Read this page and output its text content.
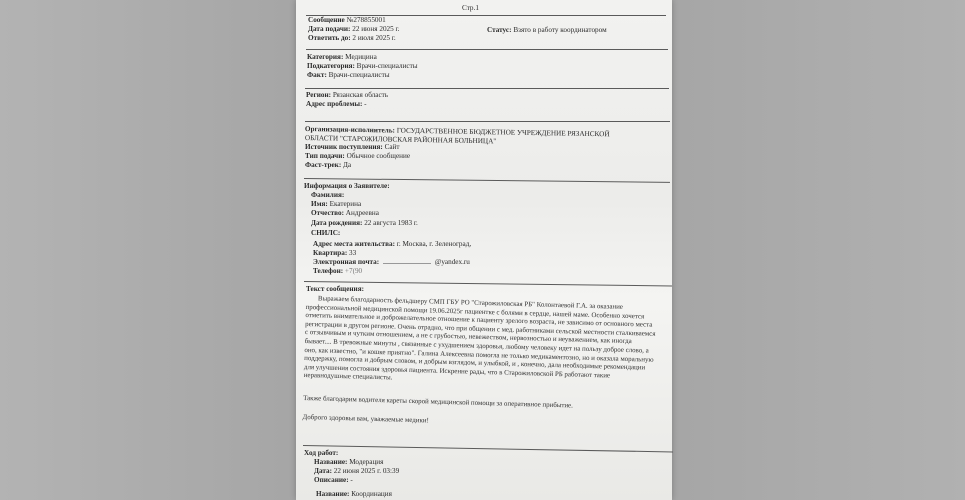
Стр.1
Сообщение №278855001
Дата подачи: 22 июня 2025 г.	Статус: Взято в работу координатором
Ответить до: 2 июля 2025 г.
Категория: Медицина
Подкатегория: Врачи-специалисты
Факт: Врачи-специалисты
Регион: Рязанская область
Адрес проблемы: -
Организация-исполнитель: ГОСУДАРСТВЕННОЕ БЮДЖЕТНОЕ УЧРЕЖДЕНИЕ РЯЗАНСКОЙ
ОБЛАСТИ "СТАРОЖИЛОВСКАЯ РАЙОННАЯ БОЛЬНИЦА"
Источник поступления: Сайт
Тип подачи: Обычное сообщение
Фаст-трек: Да
Информация о Заявителе:
Фамилия:
Имя: Екатерина
Отчество: Андреевна
Дата рождения: 22 августа 1983 г.
СНИЛС:
Адрес места жительства: г. Москва, г. Зеленоград,
Квартира: 33
Электронная почта:	@yandex.ru
Телефон: +7(90
Текст сообщения:

Выражаем благодарность фельдшеру СМП ГБУ РО "Старожиловская РБ" Колонтаевой Г.А. за оказание профессиональной медицинской помощи 19.06.2025г пациентке с болями в сердце, нашей маме. Особенно хочется отметить внимательное и доброжелательное отношение к пациенту зрелого возраста, не зависимо от основного места регистрации в другом регионе. Очень отрадно, что при общении с мед. работниками сельской местности сталкиваемся с отзывчивым и чутким отношением, а не с грубостью, невежеством, нервозностью и неуважением, как иногда бывает.... В тревожные минуты , связанные с ухудшением здоровья, любому человеку идет на пользу доброе слово, а оно, как известно, "и кошке приятно". Галина Алексеевна помогла не только медикаментозно, но и оказала моральную поддержку, помогла и добрым словом, и добрым взглядом, и улыбкой, и , конечно, дала необходимые рекомендации для улучшения состояния здоровья пациента. Искренне рады, что в Старожиловской РБ работают такие неравнодушные специалисты.

Также благодарим водителя кареты скорой медицинской помощи за оперативное прибытие.

Доброго здоровья вам, уважаемые медики!

Ход работ:
Название: Модерация
Дата: 22 июня 2025 г. 03:39
Описание: -
Название: Координация
